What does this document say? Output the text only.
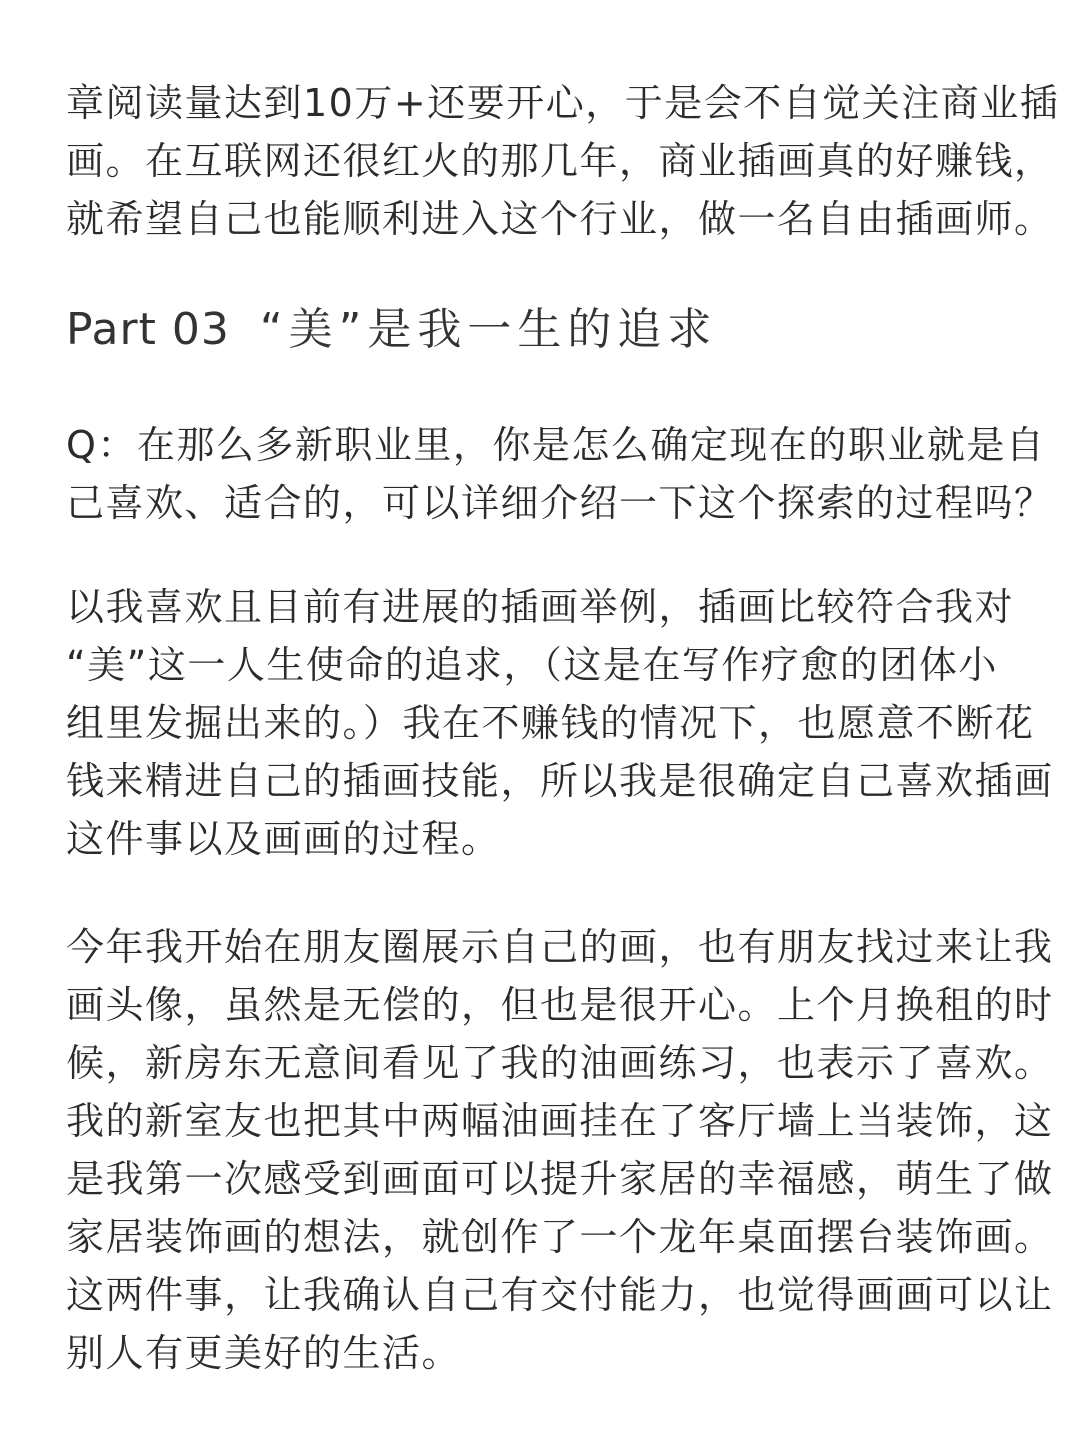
章阅读量达到10万+还要开心，于是会不自觉关注商业插
画。在互联网还很红火的那几年，商业插画真的好赚钱，
就希望自己也能顺利进入这个行业，做一名自由插画师。

Part 03 “美”是我一生的追求

Q：在那么多新职业里，你是怎么确定现在的职业就是自
己喜欢、适合的，可以详细介绍一下这个探索的过程吗？

以我喜欢且目前有进展的插画举例，插画比较符合我对
“美”这一人生使命的追求，（这是在写作疗愈的团体小
组里发掘出来的。）我在不赚钱的情况下，也愿意不断花
钱来精进自己的插画技能，所以我是很确定自己喜欢插画
这件事以及画画的过程。

今年我开始在朋友圈展示自己的画，也有朋友找过来让我
画头像，虽然是无偿的，但也是很开心。上个月换租的时
候，新房东无意间看见了我的油画练习，也表示了喜欢。
我的新室友也把其中两幅油画挂在了客厅墙上当装饰，这
是我第一次感受到画面可以提升家居的幸福感，萌生了做
家居装饰画的想法，就创作了一个龙年桌面摆台装饰画。
这两件事，让我确认自己有交付能力，也觉得画画可以让
别人有更美好的生活。
